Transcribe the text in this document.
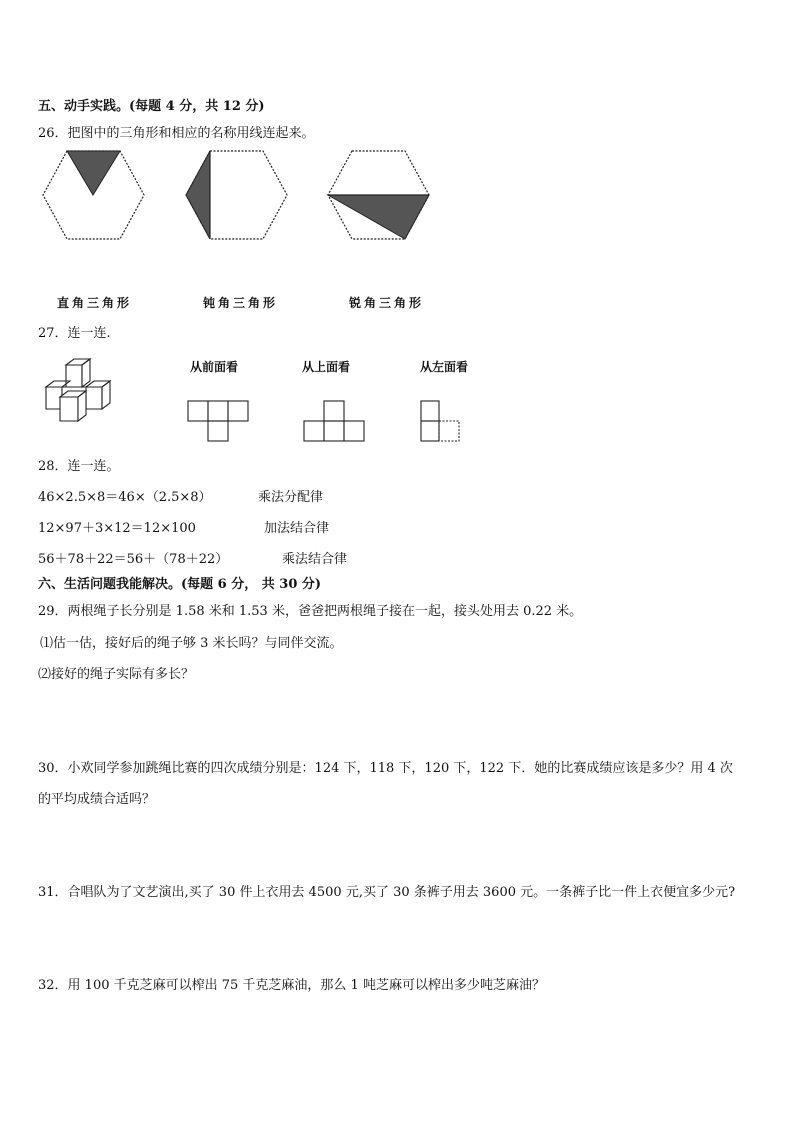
五、动手实践。(每题 4 分，共 12 分)
26．把图中的三角形和相应的名称用线连起来。
直角三角形	钝角三角形	锐角三角形
27．连一连.
从前面看	从上面看	从左面看
28．连一连。
46×2.5×8＝46×（2.5×8）	乘法分配律
12×97＋3×12＝12×100	加法结合律
56＋78＋22＝56＋（78＋22）	乘法结合律
六、生活问题我能解决。(每题 6 分， 共 30 分)
29．两根绳子长分别是 1.58 米和 1.53 米，爸爸把两根绳子接在一起，接头处用去 0.22 米。
⑴估一估，接好后的绳子够 3 米长吗？与同伴交流。
⑵接好的绳子实际有多长？
30．小欢同学参加跳绳比赛的四次成绩分别是：124 下，118 下，120 下，122 下．她的比赛成绩应该是多少？用 4 次
的平均成绩合适吗？
31．合唱队为了文艺演出,买了 30 件上衣用去 4500 元,买了 30 条裤子用去 3600 元。一条裤子比一件上衣便宜多少元?
32．用 100 千克芝麻可以榨出 75 千克芝麻油，那么 1 吨芝麻可以榨出多少吨芝麻油？
